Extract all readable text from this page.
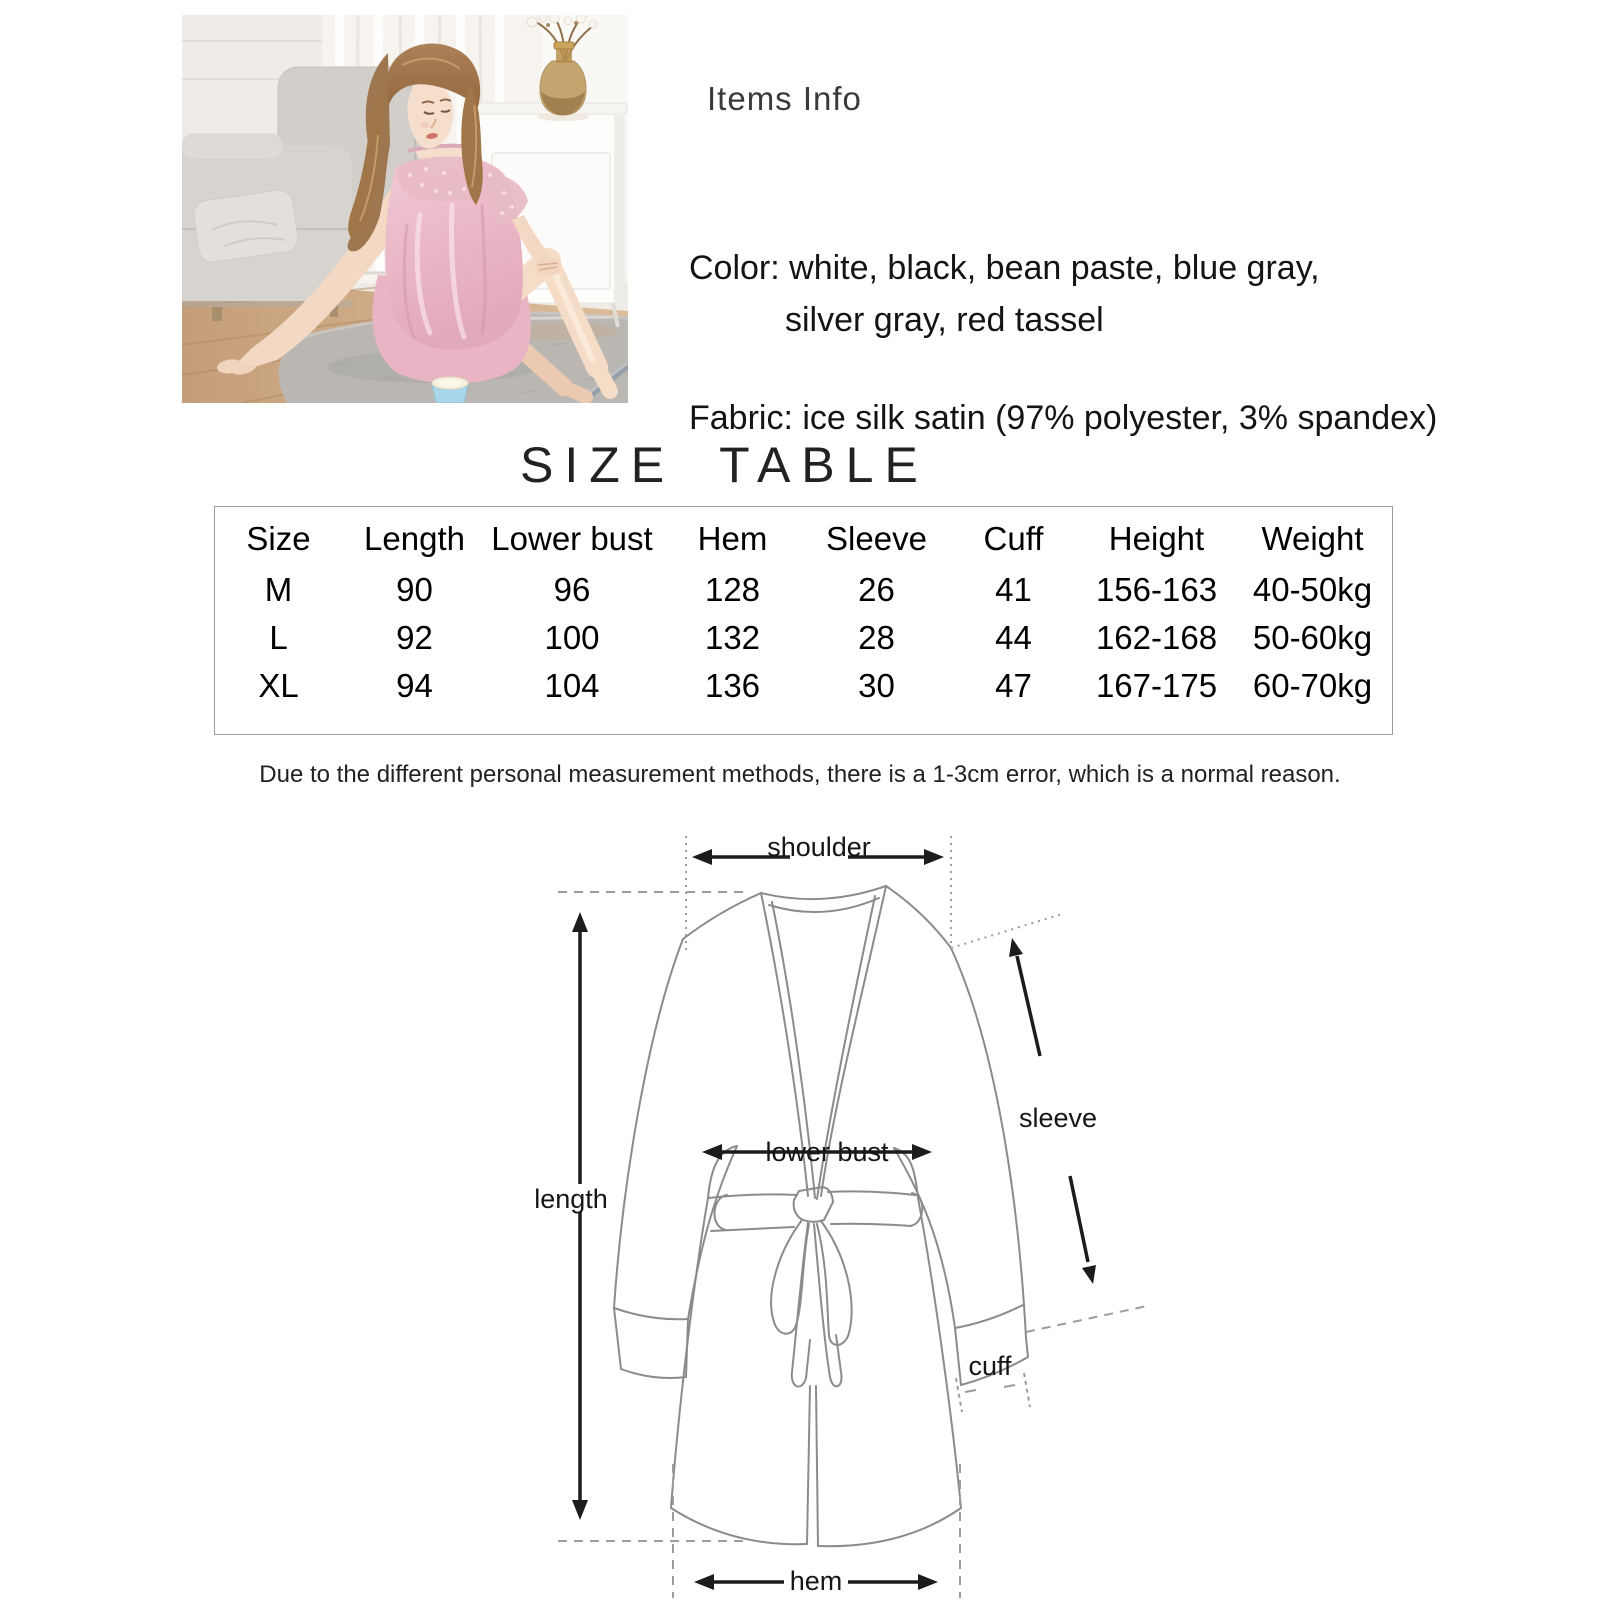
Items Info
Color: white, black, bean paste, blue gray,
silver gray, red tassel
Fabric: ice silk satin (97% polyester, 3% spandex)
SIZE TABLE
Size	Length	Lower bust	Hem	Sleeve	Cuff	Height	Weight
M	90	96	128	26	41	156-163	40-50kg
L	92	100	132	28	44	162-168	50-60kg
XL	94	104	136	30	47	167-175	60-70kg
Due to the different personal measurement methods, there is a 1-3cm error, which is a normal reason.
shoulder
sleeve
lower bust
length
cuff
hem
